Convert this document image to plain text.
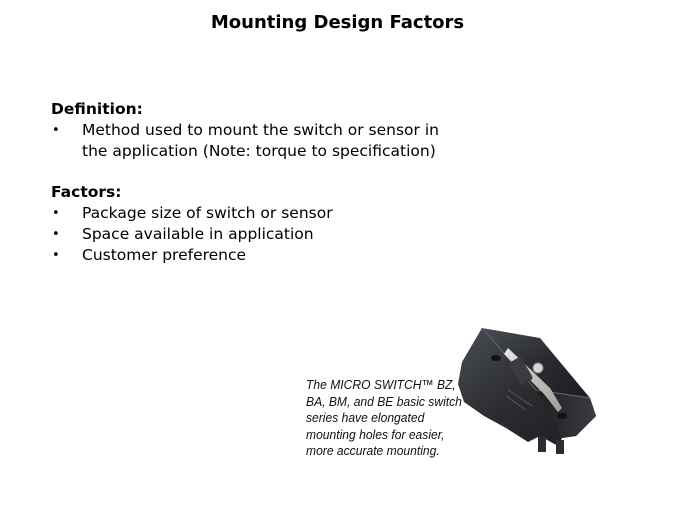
Mounting Design Factors
Definition:
•	Method used to mount the switch or sensor in
the application (Note: torque to specification)
Factors:
•	Package size of switch or sensor
•	Space available in application
•	Customer preference
The MICRO SWITCH™ BZ,
BA, BM, and BE basic switch
series have elongated
mounting holes for easier,
more accurate mounting.
